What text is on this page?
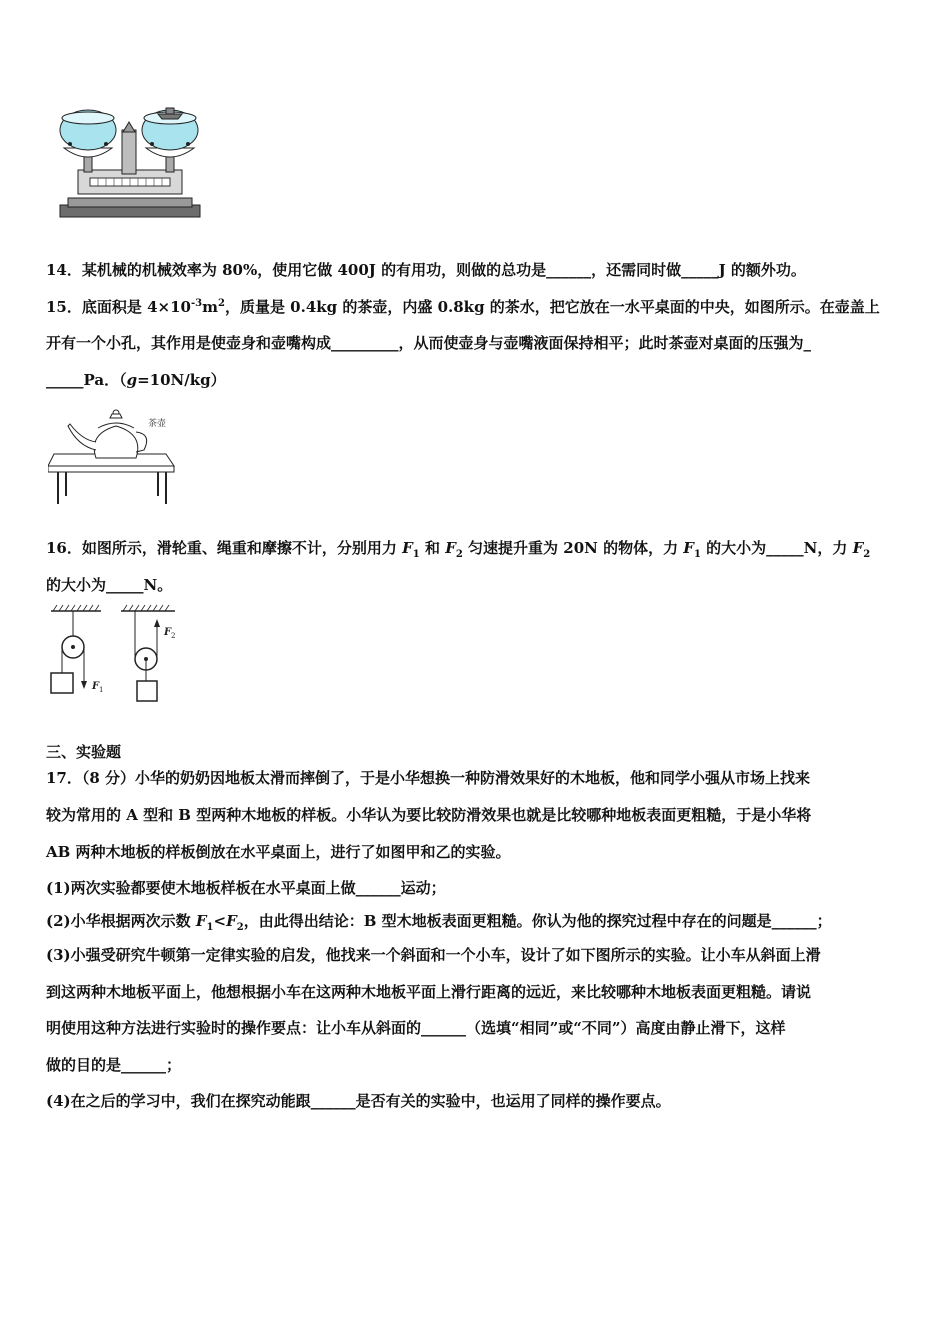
14．某机械的机械效率为 80%，使用它做 400J 的有用功，则做的总功是______，还需同时做_____J 的额外功。
15．底面积是 $4\times 10^{-3}m^2$，质量是 0.4kg 的茶壶，内盛 0.8kg 的茶水，把它放在一水平桌面的中央，如图所示。在壶盖上
开有一个小孔，其作用是使壶身和壶嘴构成_________，从而使壶身与壶嘴液面保持相平；此时茶壶对桌面的压强为_
_____Pa．（g=10N/kg）
茶壶
16．如图所示，滑轮重、绳重和摩擦不计，分别用力 $F_1$ 和 $F_2$ 匀速提升重为 20N 的物体，力 $F_1$ 的大小为_____N，力 $F_2$
的大小为_____N。
F 1
F 2
三、实验题
17．（8 分）小华的奶奶因地板太滑而摔倒了，于是小华想换一种防滑效果好的木地板，他和同学小强从市场上找来
较为常用的 A 型和 B 型两种木地板的样板。小华认为要比较防滑效果也就是比较哪种地板表面更粗糙，于是小华将
AB 两种木地板的样板倒放在水平桌面上，进行了如图甲和乙的实验。
(1)两次实验都要使木地板样板在水平桌面上做______运动；
(2)小华根据两次示数 $F_1<F_2$，由此得出结论：B 型木地板表面更粗糙。你认为他的探究过程中存在的问题是______；
(3)小强受研究牛顿第一定律实验的启发，他找来一个斜面和一个小车，设计了如下图所示的实验。让小车从斜面上滑
到这两种木地板平面上，他想根据小车在这两种木地板平面上滑行距离的远近，来比较哪种木地板表面更粗糙。请说
明使用这种方法进行实验时的操作要点：让小车从斜面的______（选填“相同”或“不同”）高度由静止滑下，这样
做的目的是______；
(4)在之后的学习中，我们在探究动能跟______是否有关的实验中，也运用了同样的操作要点。
